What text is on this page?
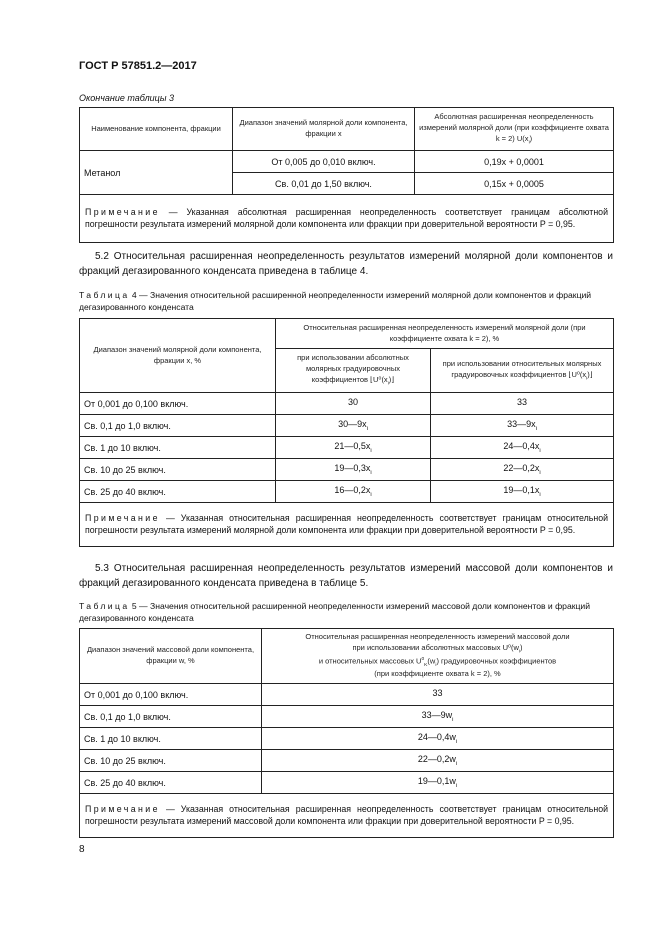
ГОСТ Р 57851.2—2017
Окончание таблицы 3
Наименование компонента, фракции	Диапазон значений молярной доли компонента, фракции x	Абсолютная расширенная неопределенность измерений молярной доли (при коэффициенте охвата k = 2) $U(x_i)$
Метанол	От 0,005 до 0,010 включ.	0,19x + 0,0001
	Св. 0,01 до 1,50 включ.	0,15x + 0,0005
Примечание — Указанная абсолютная расширенная неопределенность соответствует границам абсолютной погрешности результата измерений молярной доли компонента или фракции при доверительной вероятности P = 0,95.		
5.2 Относительная расширенная неопределенность результатов измерений молярной доли компонентов и фракций дегазированного конденсата приведена в таблице 4.
Таблица 4 — Значения относительной расширенной неопределенности измерений молярной доли компонентов и фракций дегазированного конденсата
Диапазон значений молярной доли компонента, фракции x, %	Относительная расширенная неопределенность измерений молярной доли (при коэффициенте охвата k = 2), %	
	при использовании абсолютных молярных градуировочных коэффициентов $⌊U^0(x_i)⌋$	при использовании относительных молярных градуировочных коэффициентов $⌊U^0(x_i)⌋$
От 0,001 до 0,100 включ.	30	33
Св. 0,1 до 1,0 включ.	$30—9x_i$	$33—9x_i$
Св. 1 до 10 включ.	$21—0,5x_i$	$24—0,4x_i$
Св. 10 до 25 включ.	$19—0,3x_i$	$22—0,2x_i$
Св. 25 до 40 включ.	$16—0,2x_i$	$19—0,1x_i$
Примечание — Указанная относительная расширенная неопределенность соответствует границам относительной погрешности результата измерений молярной доли компонента или фракции при доверительной вероятности P = 0,95.		
5.3 Относительная расширенная неопределенность результатов измерений массовой доли компонентов и фракций дегазированного конденсата приведена в таблице 5.
Таблица 5 — Значения относительной расширенной неопределенности измерений массовой доли компонентов и фракций дегазированного конденсата
Диапазон значений массовой доли компонента, фракции w, %	Относительная расширенная неопределенность измерений массовой доли
при использовании абсолютных массовых $U^0(w_i)$
и относительных массовых $U^0_K(w_i)$ градуировочных коэффициентов
(при коэффициенте охвата k = 2), %
От 0,001 до 0,100 включ.	33
Св. 0,1 до 1,0 включ.	$33—9w_i$
Св. 1 до 10 включ.	$24—0,4w_i$
Св. 10 до 25 включ.	$22—0,2w_i$
Св. 25 до 40 включ.	$19—0,1w_i$
Примечание — Указанная относительная расширенная неопределенность соответствует границам относительной погрешности результата измерений массовой доли компонента или фракции при доверительной вероятности P = 0,95.	
8
